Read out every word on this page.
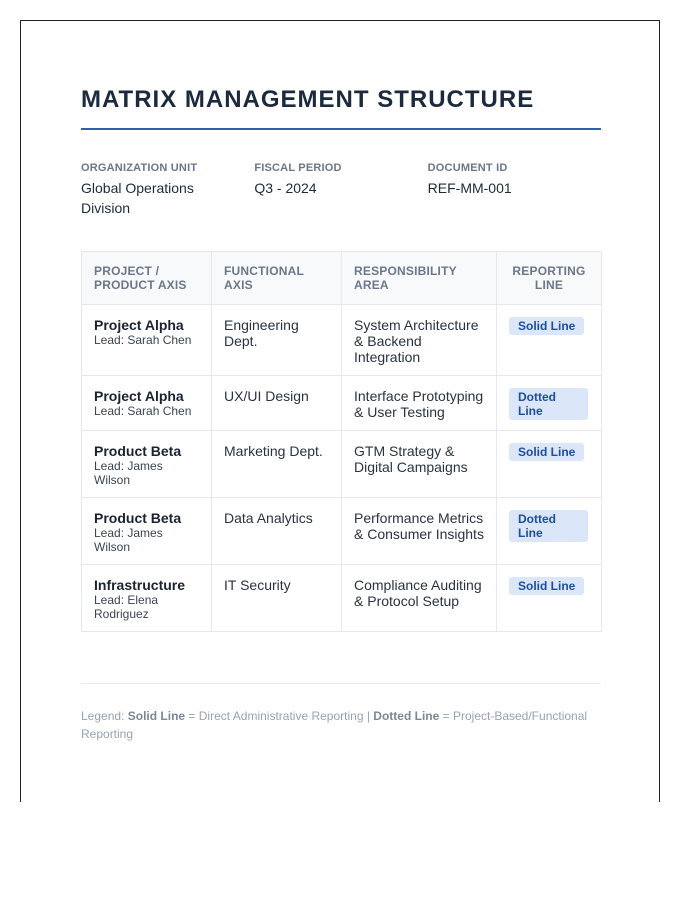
MATRIX MANAGEMENT STRUCTURE
ORGANIZATION UNIT
Global Operations Division
FISCAL PERIOD
Q3 - 2024
DOCUMENT ID
REF-MM-001
PROJECT / PRODUCT AXIS	FUNCTIONAL AXIS	RESPONSIBILITY AREA	REPORTING LINE

Project Alpha
Lead: Sarah Chen	Engineering Dept.	System Architecture & Backend Integration	Solid Line

Project Alpha
Lead: Sarah Chen	UX/UI Design	Interface Prototyping & User Testing	Dotted Line

Product Beta
Lead: James Wilson	Marketing Dept.	GTM Strategy & Digital Campaigns	Solid Line

Product Beta
Lead: James Wilson	Data Analytics	Performance Metrics & Consumer Insights	Dotted Line

Infrastructure
Lead: Elena Rodriguez	IT Security	Compliance Auditing & Protocol Setup	Solid Line
Legend: Solid Line = Direct Administrative Reporting | Dotted Line = Project-Based/Functional Reporting
